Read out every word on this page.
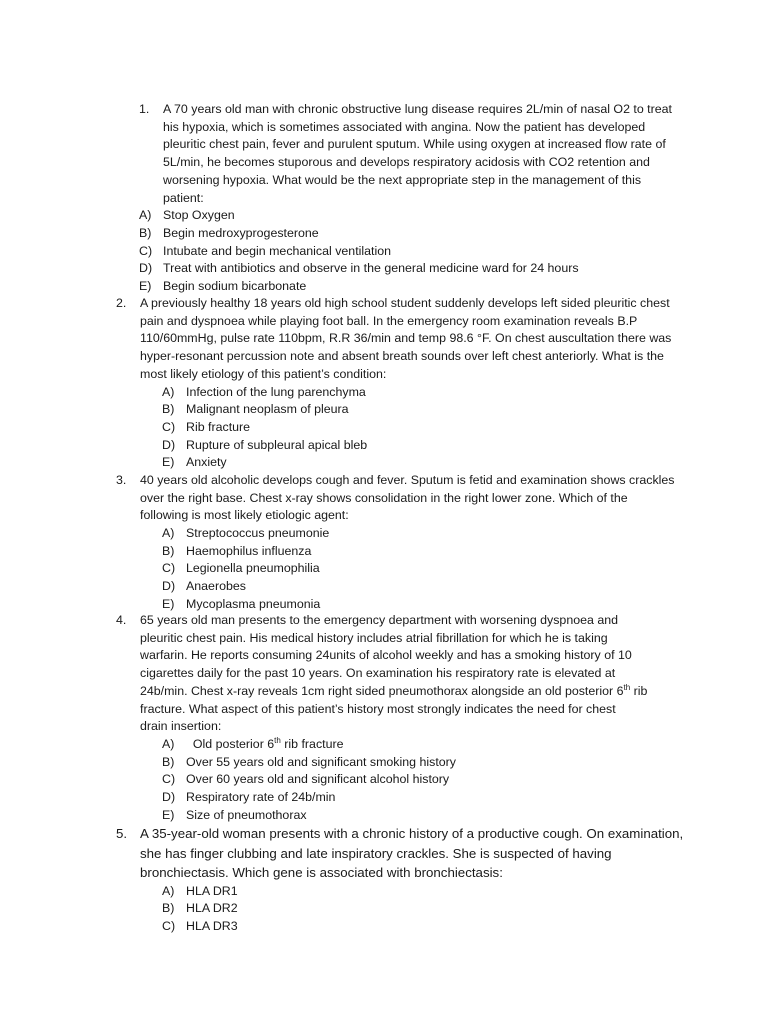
1. A 70 years old man with chronic obstructive lung disease requires 2L/min of nasal O2 to treat his hypoxia, which is sometimes associated with angina. Now the patient has developed pleuritic chest pain, fever and purulent sputum. While using oxygen at increased flow rate of 5L/min, he becomes stuporous and develops respiratory acidosis with CO2 retention and worsening hypoxia. What would be the next appropriate step in the management of this patient:
A) Stop Oxygen
B) Begin medroxyprogesterone
C) Intubate and begin mechanical ventilation
D) Treat with antibiotics and observe in the general medicine ward for 24 hours
E) Begin sodium bicarbonate
2. A previously healthy 18 years old high school student suddenly develops left sided pleuritic chest pain and dyspnoea while playing foot ball. In the emergency room examination reveals B.P 110/60mmHg, pulse rate 110bpm, R.R 36/min and temp 98.6 °F. On chest auscultation there was hyper-resonant percussion note and absent breath sounds over left chest anteriorly. What is the most likely etiology of this patient’s condition:
A) Infection of the lung parenchyma
B) Malignant neoplasm of pleura
C) Rib fracture
D) Rupture of subpleural apical bleb
E) Anxiety
3. 40 years old alcoholic develops cough and fever. Sputum is fetid and examination shows crackles over the right base. Chest x-ray shows consolidation in the right lower zone. Which of the following is most likely etiologic agent:
A) Streptococcus pneumonie
B) Haemophilus influenza
C) Legionella pneumophilia
D) Anaerobes
E) Mycoplasma pneumonia
4. 65 years old man presents to the emergency department with worsening dyspnoea and
pleuritic chest pain. His medical history includes atrial fibrillation for which he is taking
warfarin. He reports consuming 24units of alcohol weekly and has a smoking history of 10
cigarettes daily for the past 10 years. On examination his respiratory rate is elevated at
24b/min. Chest x-ray reveals 1cm right sided pneumothorax alongside an old posterior 6th rib
fracture. What aspect of this patient’s history most strongly indicates the need for chest
drain insertion:
A) Old posterior 6th rib fracture
B) Over 55 years old and significant smoking history
C) Over 60 years old and significant alcohol history
D) Respiratory rate of 24b/min
E) Size of pneumothorax
5. A 35-year-old woman presents with a chronic history of a productive cough. On examination, she has finger clubbing and late inspiratory crackles. She is suspected of having bronchiectasis. Which gene is associated with bronchiectasis:
A) HLA DR1
B) HLA DR2
C) HLA DR3
